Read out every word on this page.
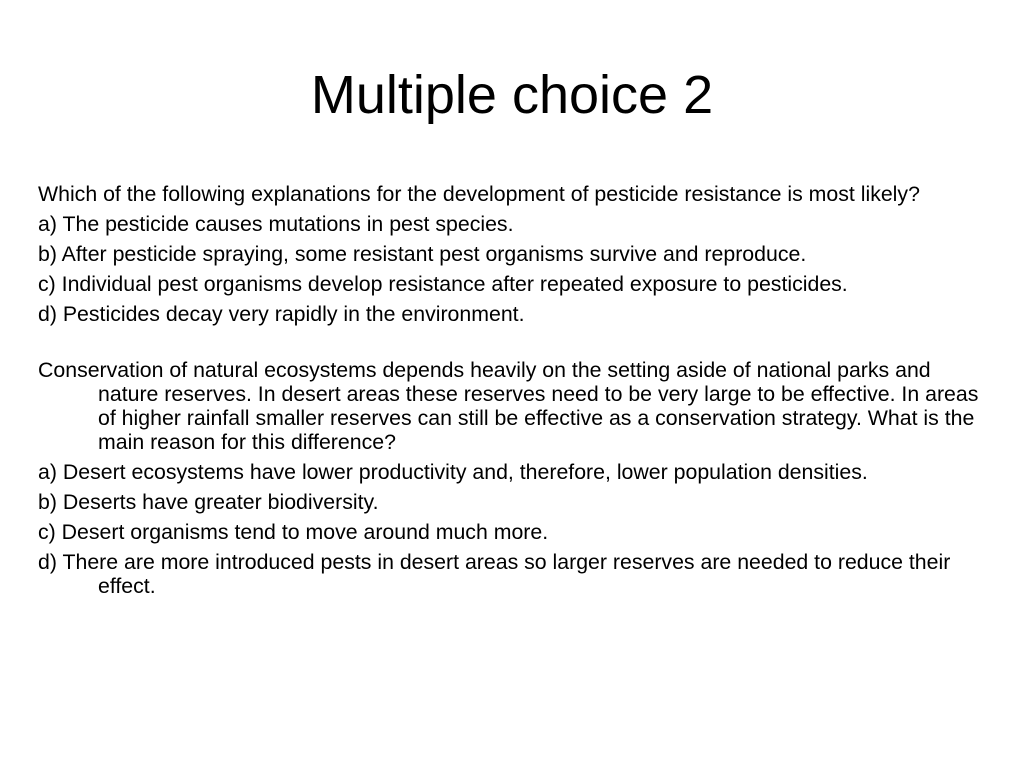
Multiple choice 2

Which of the following explanations for the development of pesticide resistance is most likely?

a) The pesticide causes mutations in pest species.

b) After pesticide spraying, some resistant pest organisms survive and reproduce.

c) Individual pest organisms develop resistance after repeated exposure to pesticides.

d) Pesticides decay very rapidly in the environment.

Conservation of natural ecosystems depends heavily on the setting aside of national parks and nature reserves. In desert areas these reserves need to be very large to be effective. In areas of higher rainfall smaller reserves can still be effective as a conservation strategy. What is the main reason for this difference?

a) Desert ecosystems have lower productivity and, therefore, lower population densities.

b) Deserts have greater biodiversity.

c) Desert organisms tend to move around much more.

d) There are more introduced pests in desert areas so larger reserves are needed to reduce their effect.
